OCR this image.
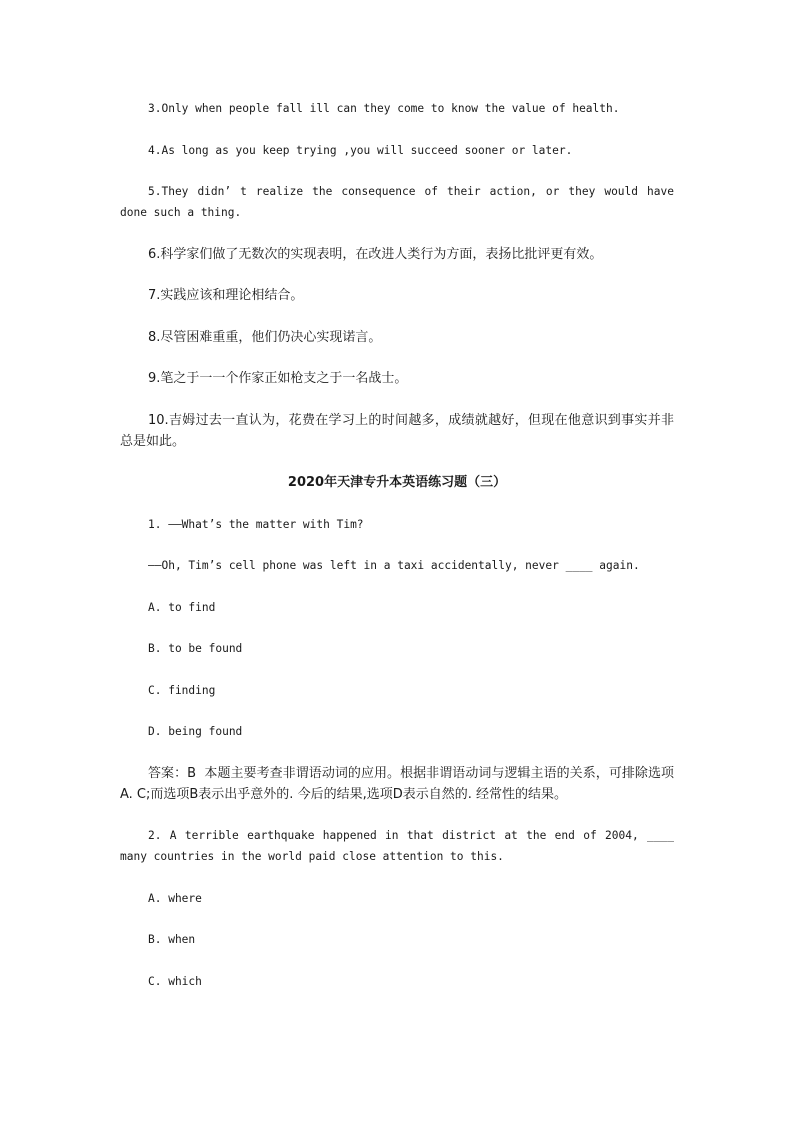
3.Only when people fall ill can they come to know the value of health.

4.As long as you keep trying ,you will succeed sooner or later.

5.They didn’ t realize the consequence of their action, or they would have done such a thing.

6.科学家们做了无数次的实现表明，在改进人类行为方面，表扬比批评更有效。

7.实践应该和理论相结合。

8.尽管困难重重，他们仍决心实现诺言。

9.笔之于一一个作家正如枪支之于一名战士。

10.吉姆过去一直认为，花费在学习上的时间越多，成绩就越好，但现在他意识到事实并非总是如此。

2020年天津专升本英语练习题（三）

1. ——What’s the matter with Tim?

——Oh, Tim’s cell phone was left in a taxi accidentally, never ____ again.

A. to find

B. to be found

C. finding

D. being found

答案：B  本题主要考查非谓语动词的应用。根据非谓语动词与逻辑主语的关系，可排除选项A. C;而选项B表示出乎意外的. 今后的结果,选项D表示自然的. 经常性的结果。

2. A terrible earthquake happened in that district at the end of 2004, ____ many countries in the world paid close attention to this.

A. where

B. when

C. which
